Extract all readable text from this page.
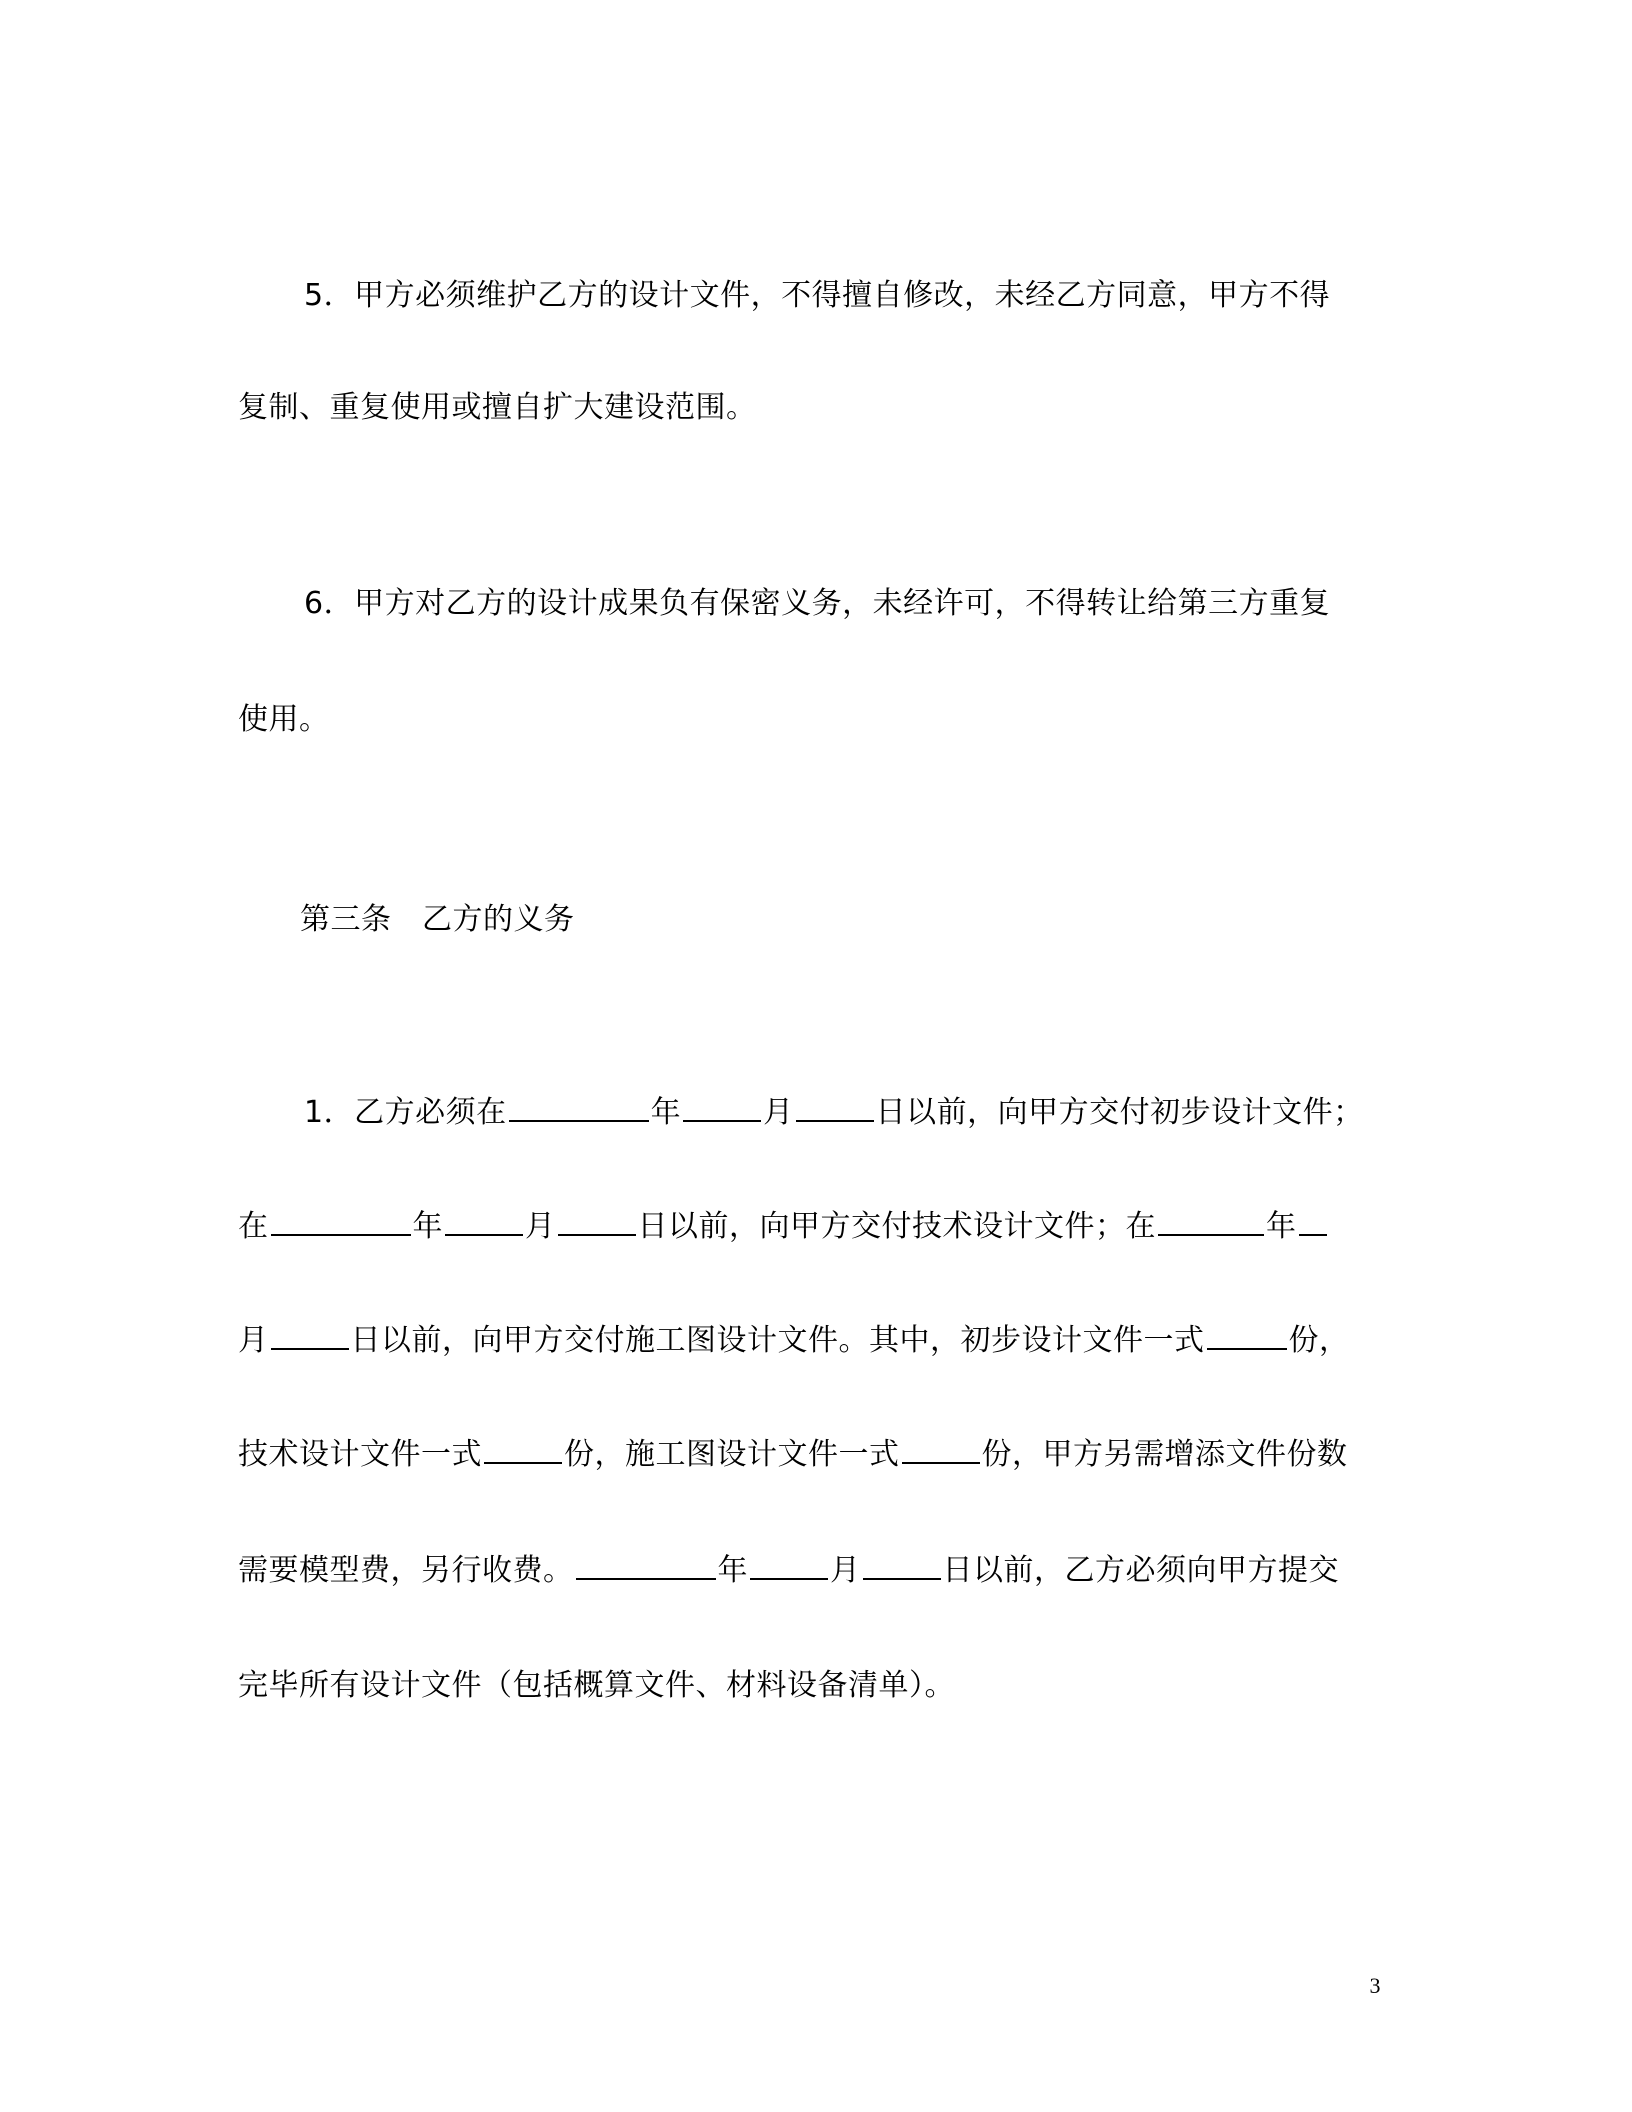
5．甲方必须维护乙方的设计文件，不得擅自修改，未经乙方同意，甲方不得
复制、重复使用或擅自扩大建设范围。
6．甲方对乙方的设计成果负有保密义务，未经许可，不得转让给第三方重复
使用。
第三条　乙方的义务
1．乙方必须在	年	月	日以前，向甲方交付初步设计文件；
在	年	月	日以前，向甲方交付技术设计文件；在	年
月	日以前，向甲方交付施工图设计文件。其中，初步设计文件一式	份，
技术设计文件一式	份，施工图设计文件一式	份，甲方另需增添文件份数
需要模型费，另行收费。	年	月	日以前，乙方必须向甲方提交
完毕所有设计文件（包括概算文件、材料设备清单）。
3
